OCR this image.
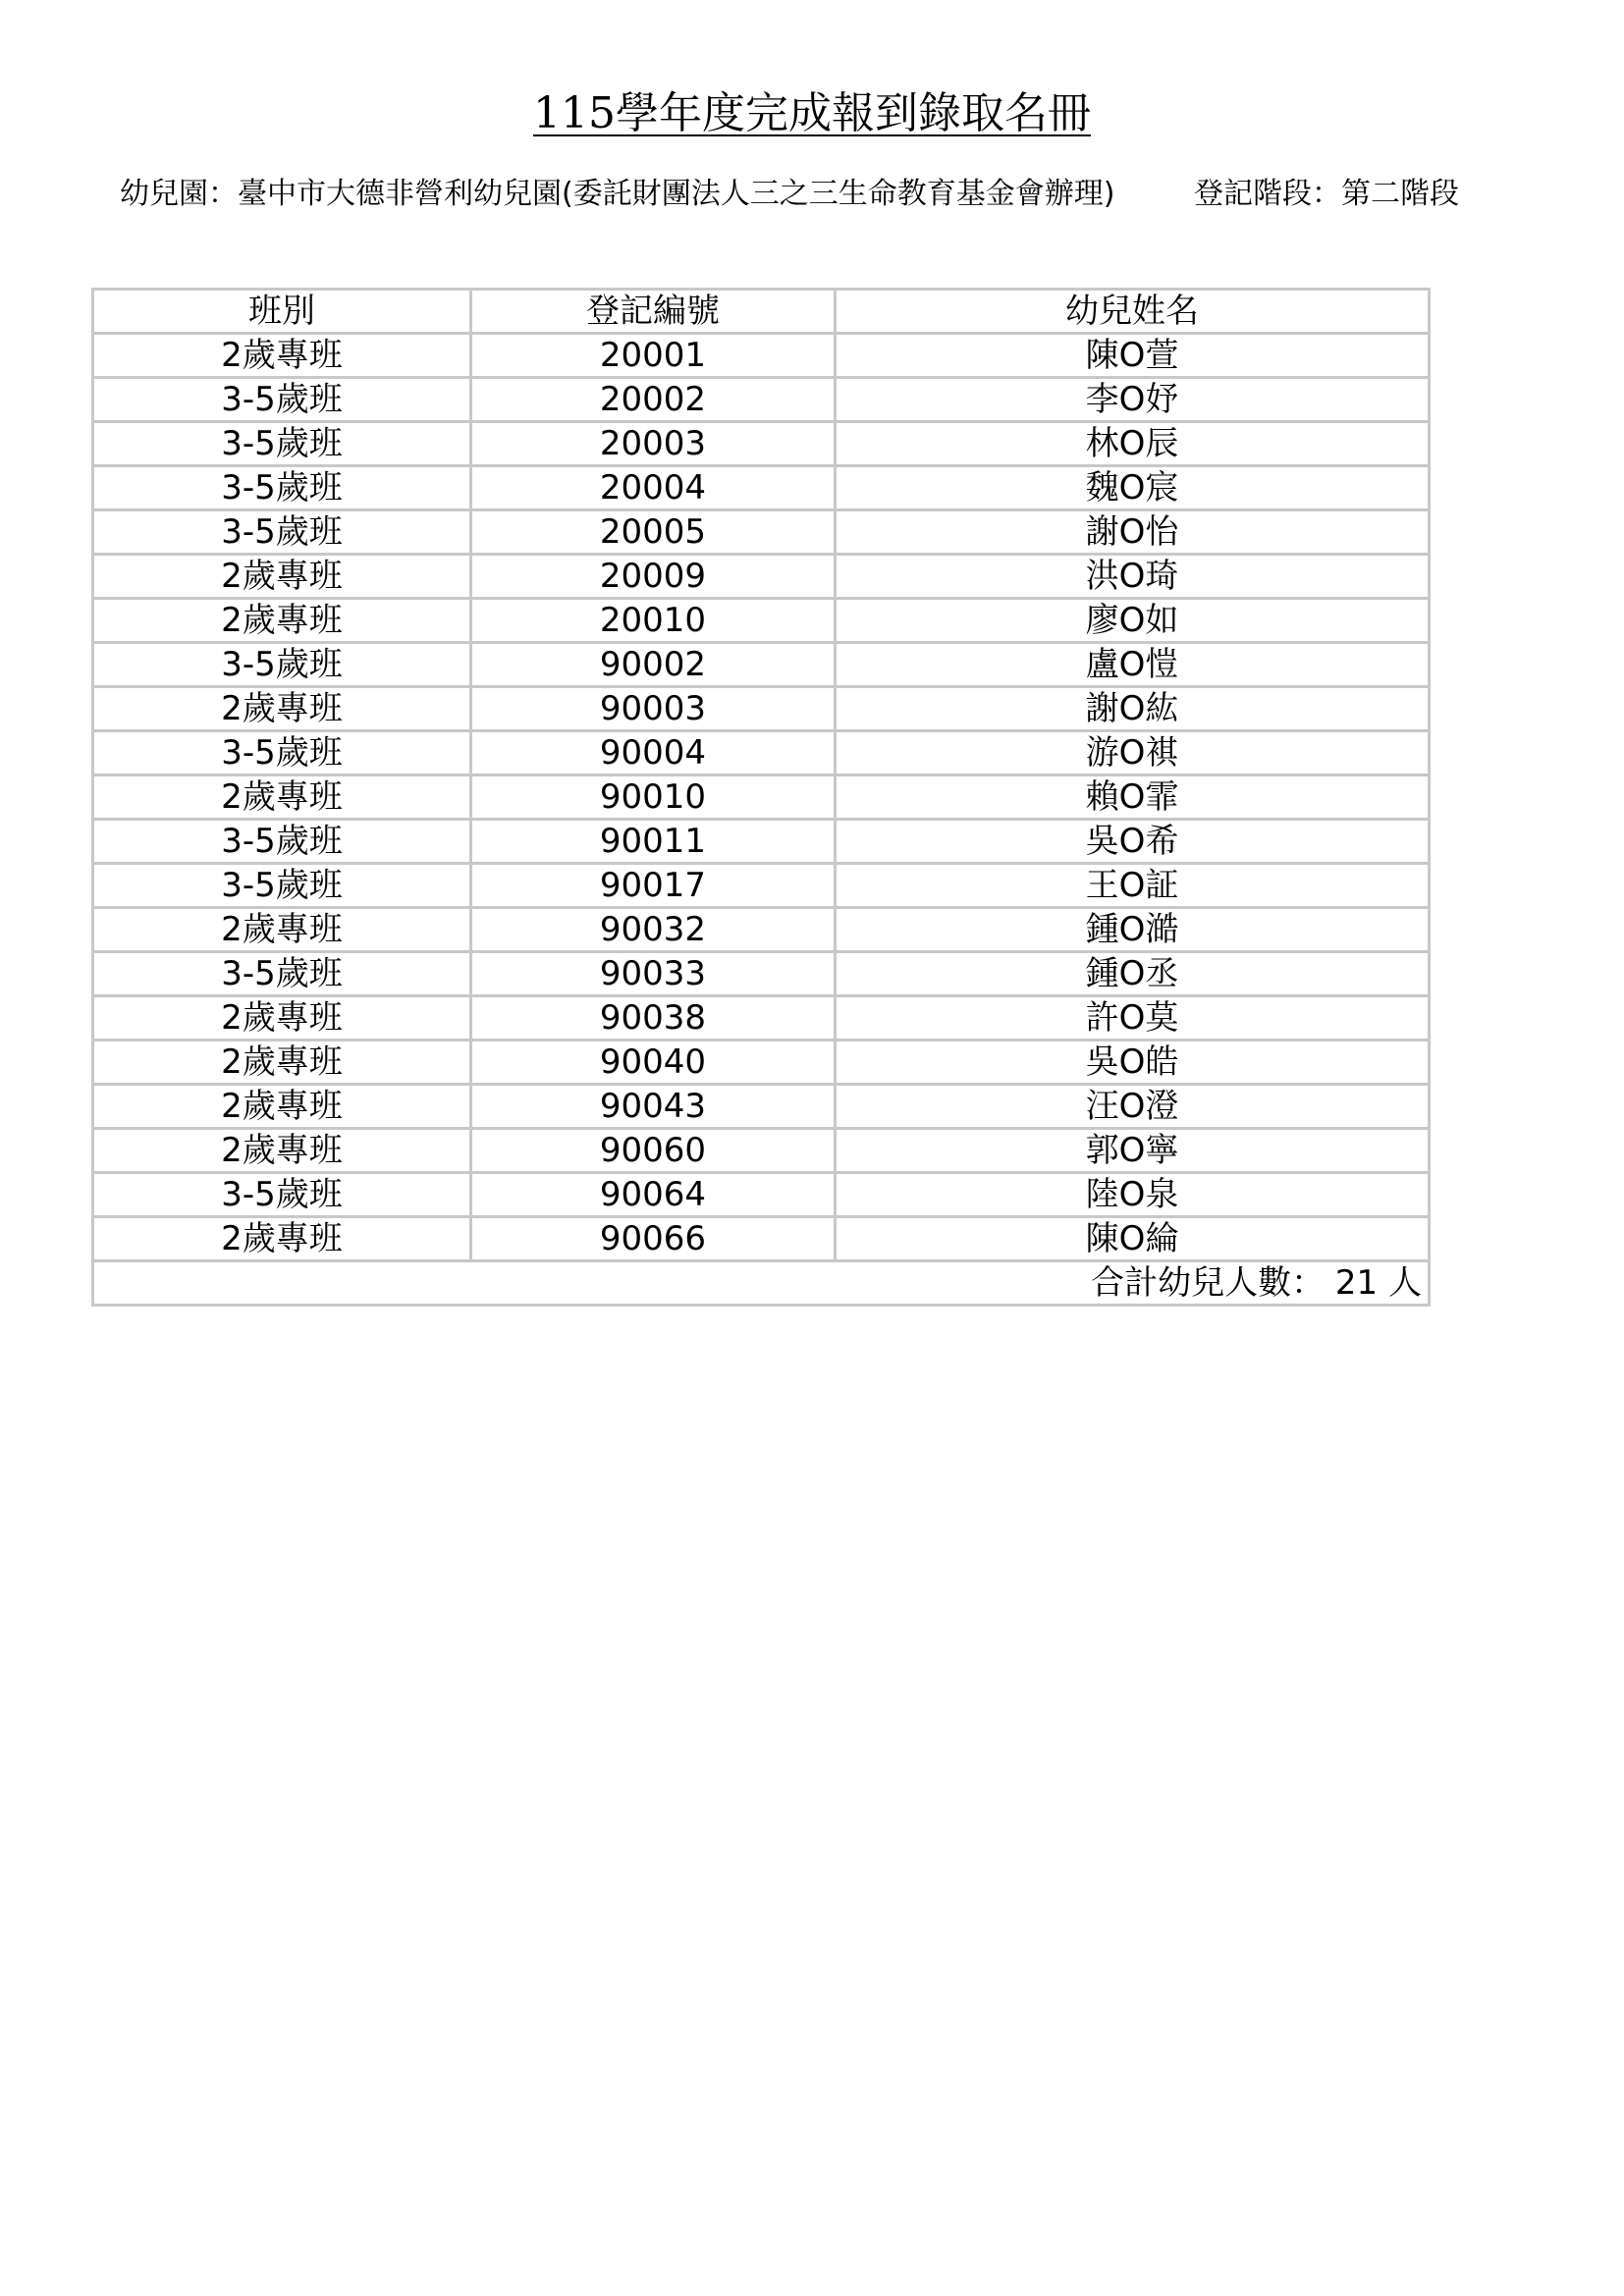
115學年度完成報到錄取名冊
幼兒園：臺中市大德非營利幼兒園(委託財團法人三之三生命教育基金會辦理)	登記階段：第二階段
班別	登記編號	幼兒姓名
2歲專班	20001	陳O萱
3-5歲班	20002	李O妤
3-5歲班	20003	林O辰
3-5歲班	20004	魏O宸
3-5歲班	20005	謝O怡
2歲專班	20009	洪O琦
2歲專班	20010	廖O如
3-5歲班	90002	盧O愷
2歲專班	90003	謝O紘
3-5歲班	90004	游O褀
2歲專班	90010	賴O霏
3-5歲班	90011	吳O希
3-5歲班	90017	王O証
2歲專班	90032	鍾O澔
3-5歲班	90033	鍾O丞
2歲專班	90038	許O莫
2歲專班	90040	吳O皓
2歲專班	90043	汪O澄
2歲專班	90060	郭O寧
3-5歲班	90064	陸O泉
2歲專班	90066	陳O綸
合計幼兒人數： 21 人		
